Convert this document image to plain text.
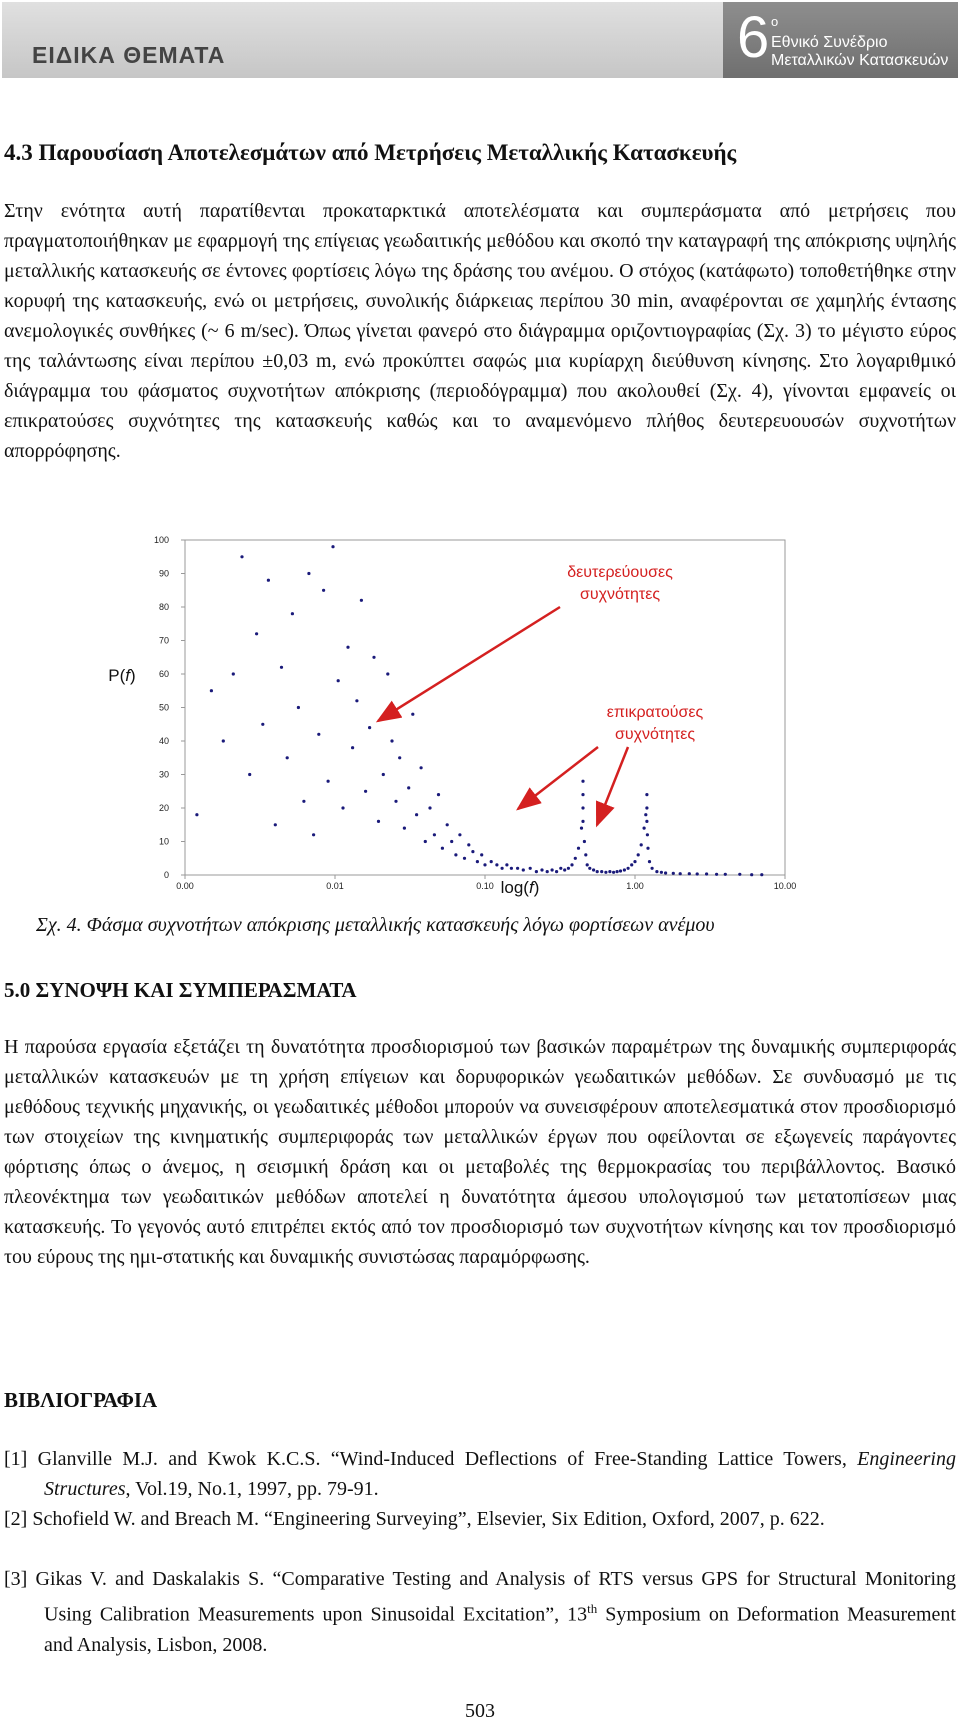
ΕΙΔΙΚΑ ΘΕΜΑΤΑ	6 ο
Εθνικό Συνέδριο
Μεταλλικών Κατασκευών
4.3 Παρουσίαση Αποτελεσμάτων από Μετρήσεις Μεταλλικής Κατασκευής

Στην ενότητα αυτή παρατίθενται προκαταρκτικά αποτελέσματα και συμπεράσματα από μετρήσεις που πραγματοποιήθηκαν με εφαρμογή της επίγειας γεωδαιτικής μεθόδου και σκοπό την καταγραφή της απόκρισης υψηλής μεταλλικής κατασκευής σε έντονες φορτίσεις λόγω της δράσης του ανέμου. Ο στόχος (κατάφωτο) τοποθετήθηκε στην κορυφή της κατασκευής, ενώ οι μετρήσεις, συνολικής διάρκειας περίπου 30 min, αναφέρονται σε χαμηλής έντασης ανεμολογικές συνθήκες (~ 6 m/sec). Όπως γίνεται φανερό στο διάγραμμα οριζοντιογραφίας (Σχ. 3) το μέγιστο εύρος της ταλάντωσης είναι περίπου ±0,03 m, ενώ προκύπτει σαφώς μια κυρίαρχη διεύθυνση κίνησης. Στο λογαριθμικό διάγραμμα του φάσματος συχνοτήτων απόκρισης (περιοδόγραμμα) που ακολουθεί (Σχ. 4), γίνονται εμφανείς οι επικρατούσες συχνότητες της κατασκευής καθώς και το αναμενόμενο πλήθος δευτερευουσών συχνοτήτων απορρόφησης.

0
10
20
30
40
50
60
70
80
90
100
0.00	0.01	0.10	1.00	10.00
log(f)
P(f)
δευτερεύουσες
συχνότητες
επικρατούσες
συχνότητες
Σχ. 4. Φάσμα συχνοτήτων απόκρισης μεταλλικής κατασκευής λόγω φορτίσεων ανέμου
5.0 ΣΥΝΟΨΗ ΚΑΙ ΣΥΜΠΕΡΑΣΜΑΤΑ

Η παρούσα εργασία εξετάζει τη δυνατότητα προσδιορισμού των βασικών παραμέτρων της δυναμικής συμπεριφοράς μεταλλικών κατασκευών με τη χρήση επίγειων και δορυφορικών γεωδαιτικών μεθόδων. Σε συνδυασμό με τις μεθόδους τεχνικής μηχανικής, οι γεωδαιτικές μέθοδοι μπορούν να συνεισφέρουν αποτελεσματικά στον προσδιορισμό των στοιχείων της κινηματικής συμπεριφοράς των μεταλλικών έργων που οφείλονται σε εξωγενείς παράγοντες φόρτισης όπως ο άνεμος, η σεισμική δράση και οι μεταβολές της θερμοκρασίας του περιβάλλοντος. Βασικό πλεονέκτημα των γεωδαιτικών μεθόδων αποτελεί η δυνατότητα άμεσου υπολογισμού των μετατοπίσεων μιας κατασκευής. Το γεγονός αυτό επιτρέπει εκτός από τον προσδιορισμό των συχνοτήτων κίνησης και τον προσδιορισμό του εύρους της ημι-στατικής και δυναμικής συνιστώσας παραμόρφωσης.

ΒΙΒΛΙΟΓΡΑΦΙΑ

[1] Glanville M.J. and Kwok K.C.S. “Wind-Induced Deflections of Free-Standing Lattice Towers, Engineering Structures, Vol.19, No.1, 1997, pp. 79-91.

[2] Schofield W. and Breach M. “Engineering Surveying”, Elsevier, Six Edition, Oxford, 2007, p. 622.

[3] Gikas V. and Daskalakis S. “Comparative Testing and Analysis of RTS versus GPS for Structural Monitoring Using Calibration Measurements upon Sinusoidal Excitation”, 13th Symposium on Deformation Measurement and Analysis, Lisbon, 2008.

503
